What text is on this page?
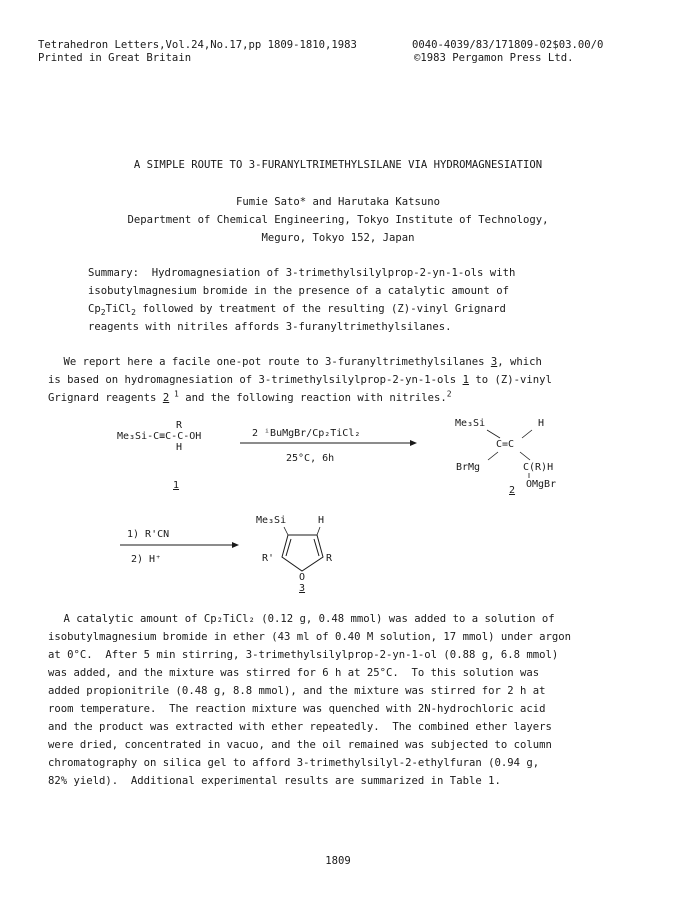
Tetrahedron Letters,Vol.24,No.17,pp 1809-1810,1983
Printed in Great Britain
0040-4039/83/171809-02$03.00/0
©1983 Pergamon Press Ltd.
A SIMPLE ROUTE TO 3-FURANYLTRIMETHYLSILANE VIA HYDROMAGNESIATION
Fumie Sato* and Harutaka Katsuno
Department of Chemical Engineering, Tokyo Institute of Technology,
Meguro, Tokyo 152, Japan
Summary:  Hydromagnesiation of 3-trimethylsilylprop-2-yn-1-ols with
isobutylmagnesium bromide in the presence of a catalytic amount of
$Cp_2TiCl_2$ followed by treatment of the resulting (Z)-vinyl Grignard
reagents with nitriles affords 3-furanyltrimethylsilanes.
We report here a facile one-pot route to 3-furanyltrimethylsilanes 3, which
is based on hydromagnesiation of 3-trimethylsilylprop-2-yn-1-ols 1 to (Z)-vinyl
Grignard reagents 2 $^1$ and the following reaction with nitriles.$^2$
R
Me₃Si-C≡C-C-OH
H
1
2 ⁱBuMgBr/Cp₂TiCl₂
25°C, 6h
Me₃Si	H
C=C
BrMg	C(R)H
OMgBr
2
1) R'CN
2) H⁺
Me₃Si	H
R'
O
R
3
A catalytic amount of Cp₂TiCl₂ (0.12 g, 0.48 mmol) was added to a solution of
isobutylmagnesium bromide in ether (43 ml of 0.40 M solution, 17 mmol) under argon
at 0°C.  After 5 min stirring, 3-trimethylsilylprop-2-yn-1-ol (0.88 g, 6.8 mmol)
was added, and the mixture was stirred for 6 h at 25°C.  To this solution was
added propionitrile (0.48 g, 8.8 mmol), and the mixture was stirred for 2 h at
room temperature.  The reaction mixture was quenched with 2N-hydrochloric acid
and the product was extracted with ether repeatedly.  The combined ether layers
were dried, concentrated in vacuo, and the oil remained was subjected to column
chromatography on silica gel to afford 3-trimethylsilyl-2-ethylfuran (0.94 g,
82% yield).  Additional experimental results are summarized in Table 1.
1809
